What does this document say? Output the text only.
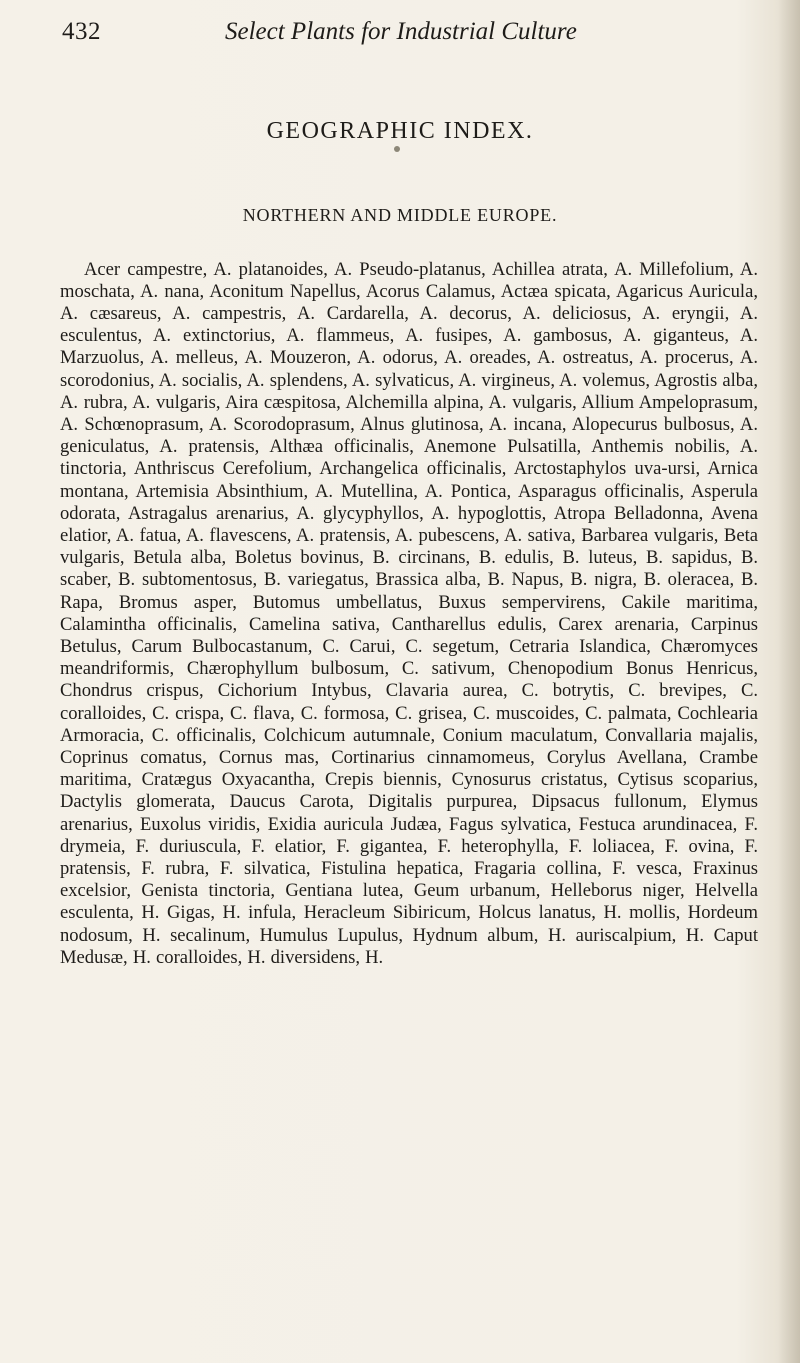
432	Select Plants for Industrial Culture
GEOGRAPHIC INDEX.
NORTHERN AND MIDDLE EUROPE.

Acer campestre, A. platanoides, A. Pseudo-platanus, Achillea atrata, A. Millefolium, A. moschata, A. nana, Aconitum Napellus, Acorus Calamus, Actæa spicata, Agaricus Auricula, A. cæsareus, A. campestris, A. Cardarella, A. decorus, A. deliciosus, A. eryngii, A. esculentus, A. extinctorius, A. flammeus, A. fusipes, A. gambosus, A. giganteus, A. Marzuolus, A. melleus, A. Mouzeron, A. odorus, A. oreades, A. ostreatus, A. procerus, A. scorodonius, A. socialis, A. splendens, A. sylvaticus, A. virgineus, A. volemus, Agrostis alba, A. rubra, A. vulgaris, Aira cæspitosa, Alchemilla alpina, A. vulgaris, Allium Ampeloprasum, A. Schœnoprasum, A. Scorodoprasum, Alnus glutinosa, A. incana, Alopecurus bulbosus, A. geniculatus, A. pratensis, Althæa officinalis, Anemone Pulsatilla, Anthemis nobilis, A. tinctoria, Anthriscus Cerefolium, Archangelica officinalis, Arctostaphylos uva-ursi, Arnica montana, Artemisia Absinthium, A. Mutellina, A. Pontica, Asparagus officinalis, Asperula odorata, Astragalus arenarius, A. glycyphyllos, A. hypoglottis, Atropa Belladonna, Avena elatior, A. fatua, A. flavescens, A. pratensis, A. pubescens, A. sativa, Barbarea vulgaris, Beta vulgaris, Betula alba, Boletus bovinus, B. circinans, B. edulis, B. luteus, B. sapidus, B. scaber, B. subtomentosus, B. variegatus, Brassica alba, B. Napus, B. nigra, B. oleracea, B. Rapa, Bromus asper, Butomus umbellatus, Buxus sempervirens, Cakile maritima, Calamintha officinalis, Camelina sativa, Cantharellus edulis, Carex arenaria, Carpinus Betulus, Carum Bulbocastanum, C. Carui, C. segetum, Cetraria Islandica, Chæromyces meandriformis, Chærophyllum bulbosum, C. sativum, Chenopodium Bonus Henricus, Chondrus crispus, Cichorium Intybus, Clavaria aurea, C. botrytis, C. brevipes, C. coralloides, C. crispa, C. flava, C. formosa, C. grisea, C. muscoides, C. palmata, Cochlearia Armoracia, C. officinalis, Colchicum autumnale, Conium maculatum, Convallaria majalis, Coprinus comatus, Cornus mas, Cortinarius cinnamomeus, Corylus Avellana, Crambe maritima, Cratægus Oxyacantha, Crepis biennis, Cynosurus cristatus, Cytisus scoparius, Dactylis glomerata, Daucus Carota, Digitalis purpurea, Dipsacus fullonum, Elymus arenarius, Euxolus viridis, Exidia auricula Judæa, Fagus sylvatica, Festuca arundinacea, F. drymeia, F. duriuscula, F. elatior, F. gigantea, F. heterophylla, F. loliacea, F. ovina, F. pratensis, F. rubra, F. silvatica, Fistulina hepatica, Fragaria collina, F. vesca, Fraxinus excelsior, Genista tinctoria, Gentiana lutea, Geum urbanum, Helleborus niger, Helvella esculenta, H. Gigas, H. infula, Heracleum Sibiricum, Holcus lanatus, H. mollis, Hordeum nodosum, H. secalinum, Humulus Lupulus, Hydnum album, H. auriscalpium, H. Caput Medusæ, H. coralloides, H. diversidens, H.
